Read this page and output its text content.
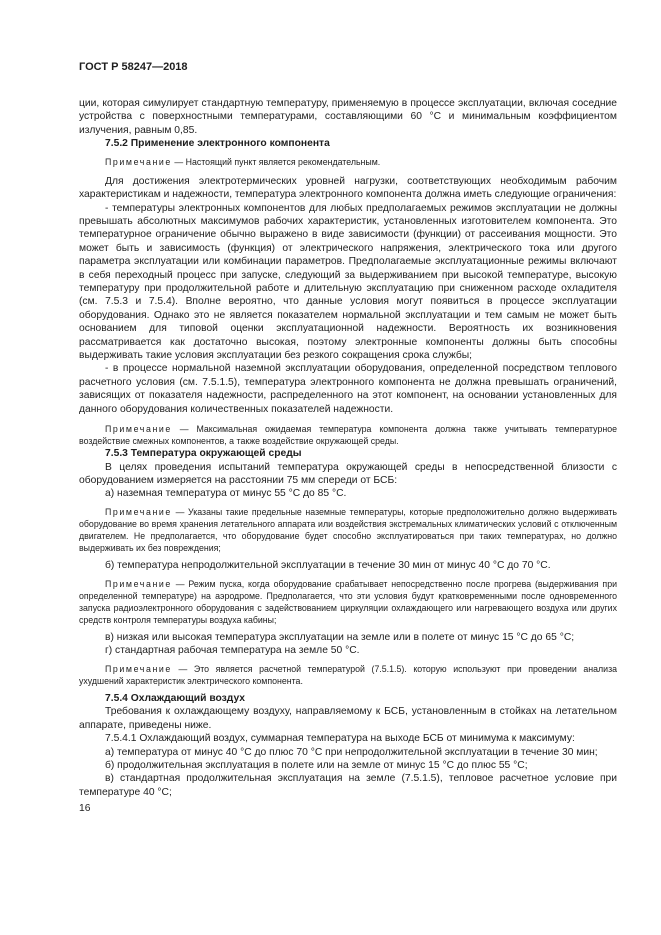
ГОСТ Р 58247—2018

ции, которая симулирует стандартную температуру, применяемую в процессе эксплуатации, включая соседние устройства с поверхностными температурами, составляющими 60 °С и минимальным коэффициентом излучения, равным 0,85.

7.5.2 Применение электронного компонента

Примечание — Настоящий пункт является рекомендательным.

Для достижения электротермических уровней нагрузки, соответствующих необходимым рабочим характеристикам и надежности, температура электронного компонента должна иметь следующие ограничения:

- температуры электронных компонентов для любых предполагаемых режимов эксплуатации не должны превышать абсолютных максимумов рабочих характеристик, установленных изготовителем компонента. Это температурное ограничение обычно выражено в виде зависимости (функции) от рассеивания мощности. Это может быть и зависимость (функция) от электрического напряжения, электрического тока или другого параметра эксплуатации или комбинации параметров. Предполагаемые эксплуатационные режимы включают в себя переходный процесс при запуске, следующий за выдерживанием при высокой температуре, высокую температуру при продолжительной работе и длительную эксплуатацию при сниженном расходе охладителя (см. 7.5.3 и 7.5.4). Вполне вероятно, что данные условия могут появиться в процессе эксплуатации оборудования. Однако это не является показателем нормальной эксплуатации и тем самым не может быть основанием для типовой оценки эксплуатационной надежности. Вероятность их возникновения рассматривается как достаточно высокая, поэтому электронные компоненты должны быть способны выдерживать такие условия эксплуатации без резкого сокращения срока службы;

- в процессе нормальной наземной эксплуатации оборудования, определенной посредством теплового расчетного условия (см. 7.5.1.5), температура электронного компонента не должна превышать ограничений, зависящих от показателя надежности, распределенного на этот компонент, на основании установленных для данного оборудования количественных показателей надежности.

Примечание — Максимальная ожидаемая температура компонента должна также учитывать температурное воздействие смежных компонентов, а также воздействие окружающей среды.

7.5.3 Температура окружающей среды

В целях проведения испытаний температура окружающей среды в непосредственной близости с оборудованием измеряется на расстоянии 75 мм спереди от БСБ:

а) наземная температура от минус 55 °С до 85 °С.

Примечание — Указаны такие предельные наземные температуры, которые предположительно должно выдерживать оборудование во время хранения летательного аппарата или воздействия экстремальных климатических условий с отключенным двигателем. Не предполагается, что оборудование будет способно эксплуатироваться при таких температурах, но должно выдерживать их без повреждения;

б) температура непродолжительной эксплуатации в течение 30 мин от минус 40 °С до 70 °С.

Примечание — Режим пуска, когда оборудование срабатывает непосредственно после прогрева (выдерживания при определенной температуре) на аэродроме. Предполагается, что эти условия будут кратковременными после одновременного запуска радиоэлектронного оборудования с задействованием циркуляции охлаждающего или нагревающего воздуха или других средств контроля температуры воздуха кабины;

в) низкая или высокая температура эксплуатации на земле или в полете от минус 15 °С до 65 °С;

г) стандартная рабочая температура на земле 50 °С.

Примечание — Это является расчетной температурой (7.5.1.5). которую используют при проведении анализа ухудшений характеристик электрического компонента.

7.5.4 Охлаждающий воздух

Требования к охлаждающему воздуху, направляемому к БСБ, установленным в стойках на летательном аппарате, приведены ниже.

7.5.4.1 Охлаждающий воздух, суммарная температура на выходе БСБ от минимума к максимуму:

а) температура от минус 40 °С до плюс 70 °С при непродолжительной эксплуатации в течение 30 мин;

б) продолжительная эксплуатация в полете или на земле от минус 15 °С до плюс 55 °С;

в) стандартная продолжительная эксплуатация на земле (7.5.1.5), тепловое расчетное условие при температуре 40 °С;

16
